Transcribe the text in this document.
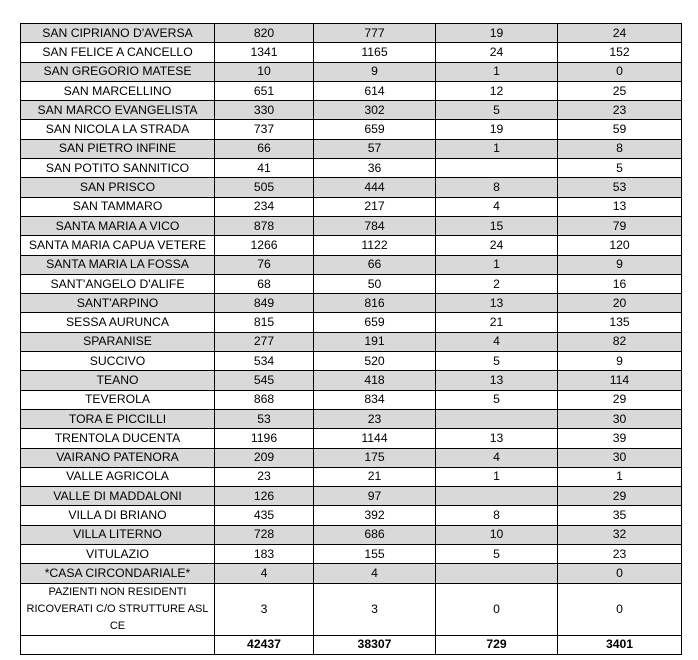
SAN CIPRIANO D'AVERSA	820	777	19	24
SAN FELICE A CANCELLO	1341	1165	24	152
SAN GREGORIO MATESE	10	9	1	0
SAN MARCELLINO	651	614	12	25
SAN MARCO EVANGELISTA	330	302	5	23
SAN NICOLA LA STRADA	737	659	19	59
SAN PIETRO INFINE	66	57	1	8
SAN POTITO SANNITICO	41	36		5
SAN PRISCO	505	444	8	53
SAN TAMMARO	234	217	4	13
SANTA MARIA A VICO	878	784	15	79
SANTA MARIA CAPUA VETERE	1266	1122	24	120
SANTA MARIA LA FOSSA	76	66	1	9
SANT'ANGELO D'ALIFE	68	50	2	16
SANT'ARPINO	849	816	13	20
SESSA AURUNCA	815	659	21	135
SPARANISE	277	191	4	82
SUCCIVO	534	520	5	9
TEANO	545	418	13	114
TEVEROLA	868	834	5	29
TORA E PICCILLI	53	23		30
TRENTOLA DUCENTA	1196	1144	13	39
VAIRANO PATENORA	209	175	4	30
VALLE AGRICOLA	23	21	1	1
VALLE DI MADDALONI	126	97		29
VILLA DI BRIANO	435	392	8	35
VILLA LITERNO	728	686	10	32
VITULAZIO	183	155	5	23
*CASA CIRCONDARIALE*	4	4		0
PAZIENTI NON RESIDENTI RICOVERATI C/O STRUTTURE ASL CE	3	3	0	0
	42437	38307	729	3401
